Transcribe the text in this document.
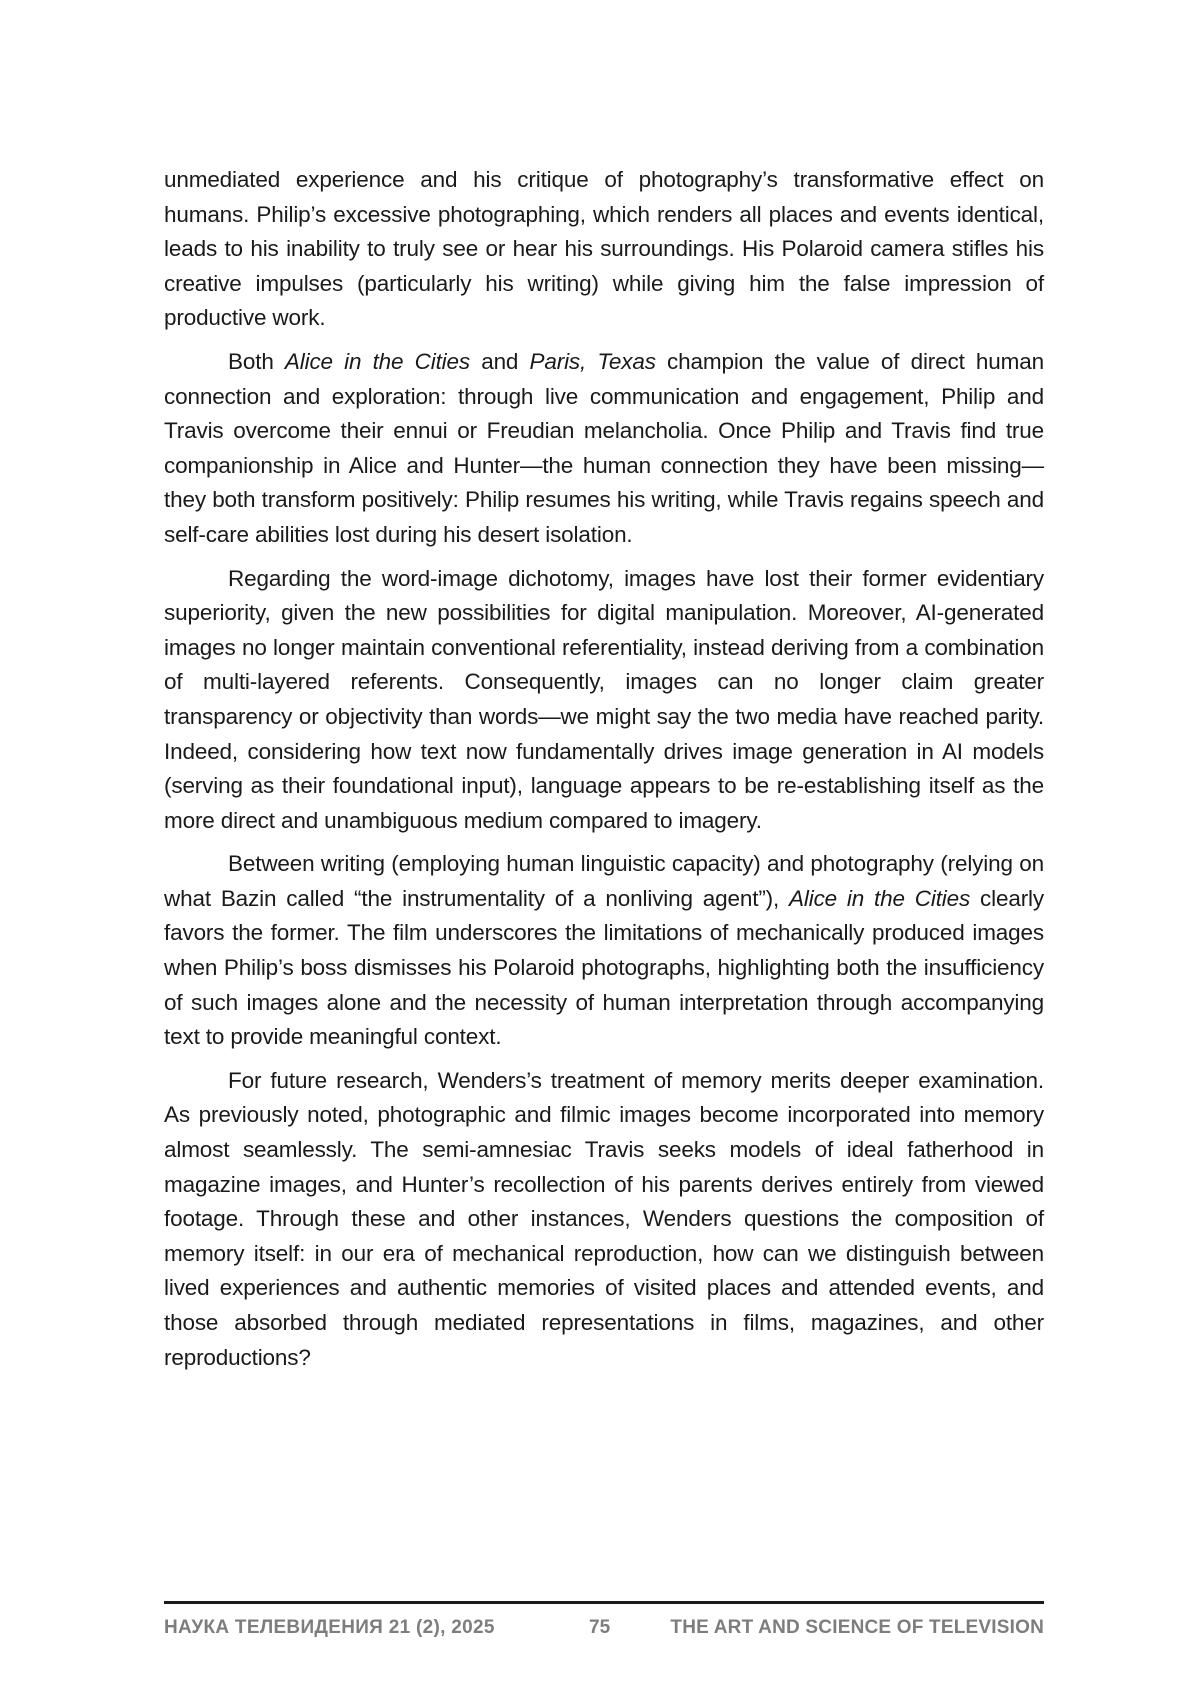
unmediated experience and his critique of photography’s transformative effect on humans. Philip’s excessive photographing, which renders all places and events identical, leads to his inability to truly see or hear his surroundings. His Polaroid camera stifles his creative impulses (particularly his writing) while giving him the false impression of productive work.

Both Alice in the Cities and Paris, Texas champion the value of direct human connection and exploration: through live communication and engagement, Philip and Travis overcome their ennui or Freudian melancholia. Once Philip and Travis find true companionship in Alice and Hunter—the human connection they have been missing—they both transform positively: Philip resumes his writing, while Travis regains speech and self-care abilities lost during his desert isolation.

Regarding the word-image dichotomy, images have lost their former evidentiary superiority, given the new possibilities for digital manipulation. Moreover, AI-generated images no longer maintain conventional referentiality, instead deriving from a combination of multi-layered referents. Consequently, images can no longer claim greater transparency or objectivity than words—we might say the two media have reached parity. Indeed, considering how text now fundamentally drives image generation in AI models (serving as their foundational input), language appears to be re-establishing itself as the more direct and unambiguous medium compared to imagery.

Between writing (employing human linguistic capacity) and photography (relying on what Bazin called “the instrumentality of a nonliving agent”), Alice in the Cities clearly favors the former. The film underscores the limitations of mechanically produced images when Philip’s boss dismisses his Polaroid photographs, highlighting both the insufficiency of such images alone and the necessity of human interpretation through accompanying text to provide meaningful context.

For future research, Wenders’s treatment of memory merits deeper examination. As previously noted, photographic and filmic images become incorporated into memory almost seamlessly. The semi-amnesiac Travis seeks models of ideal fatherhood in magazine images, and Hunter’s recollection of his parents derives entirely from viewed footage. Through these and other instances, Wenders questions the composition of memory itself: in our era of mechanical reproduction, how can we distinguish between lived experiences and authentic memories of visited places and attended events, and those absorbed through mediated representations in films, magazines, and other reproductions?

НАУКА ТЕЛЕВИДЕНИЯ 21 (2), 2025	75	THE ART AND SCIENCE OF TELEVISION
